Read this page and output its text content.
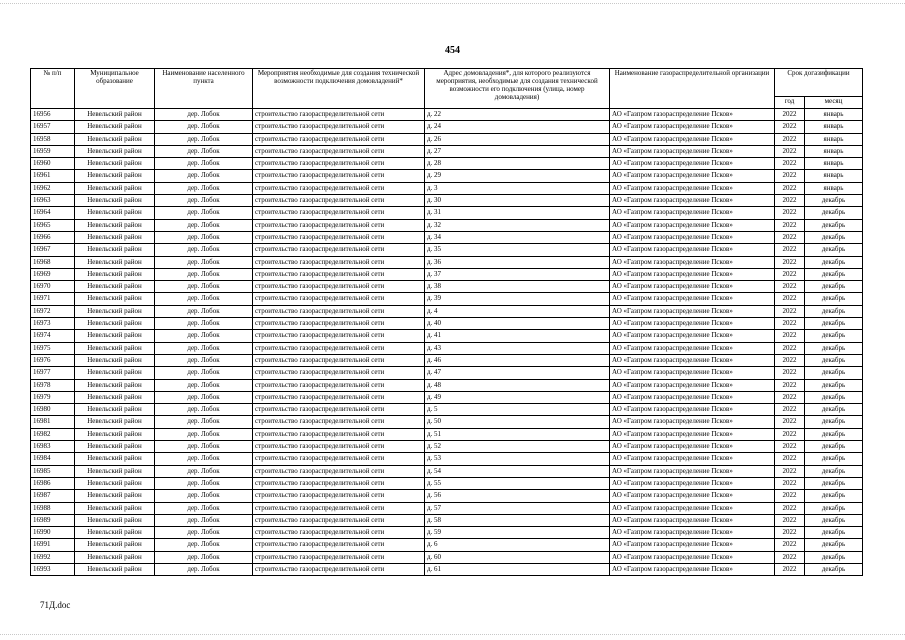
454
№ п/п	Муниципальное образование	Наименование населенного пункта	Мероприятия необходимые для создания технической возможности подключения домовладений*	Адрес домовладения*, для которого реализуются мероприятия, необходимые для создания технической возможности его подключения (улица, номер домовладения)	Наименование газораспределительной организации	Срок догазификации	
						год	месяц
16956	Невельский район	дер. Лобок	строительство газораспределительной сети	д. 22	АО «Газпром газораспределение Псков»	2022	январь
16957	Невельский район	дер. Лобок	строительство газораспределительной сети	д. 24	АО «Газпром газораспределение Псков»	2022	январь
16958	Невельский район	дер. Лобок	строительство газораспределительной сети	д. 26	АО «Газпром газораспределение Псков»	2022	январь
16959	Невельский район	дер. Лобок	строительство газораспределительной сети	д. 27	АО «Газпром газораспределение Псков»	2022	январь
16960	Невельский район	дер. Лобок	строительство газораспределительной сети	д. 28	АО «Газпром газораспределение Псков»	2022	январь
16961	Невельский район	дер. Лобок	строительство газораспределительной сети	д. 29	АО «Газпром газораспределение Псков»	2022	январь
16962	Невельский район	дер. Лобок	строительство газораспределительной сети	д. 3	АО «Газпром газораспределение Псков»	2022	январь
16963	Невельский район	дер. Лобок	строительство газораспределительной сети	д. 30	АО «Газпром газораспределение Псков»	2022	декабрь
16964	Невельский район	дер. Лобок	строительство газораспределительной сети	д. 31	АО «Газпром газораспределение Псков»	2022	декабрь
16965	Невельский район	дер. Лобок	строительство газораспределительной сети	д. 32	АО «Газпром газораспределение Псков»	2022	декабрь
16966	Невельский район	дер. Лобок	строительство газораспределительной сети	д. 34	АО «Газпром газораспределение Псков»	2022	декабрь
16967	Невельский район	дер. Лобок	строительство газораспределительной сети	д. 35	АО «Газпром газораспределение Псков»	2022	декабрь
16968	Невельский район	дер. Лобок	строительство газораспределительной сети	д. 36	АО «Газпром газораспределение Псков»	2022	декабрь
16969	Невельский район	дер. Лобок	строительство газораспределительной сети	д. 37	АО «Газпром газораспределение Псков»	2022	декабрь
16970	Невельский район	дер. Лобок	строительство газораспределительной сети	д. 38	АО «Газпром газораспределение Псков»	2022	декабрь
16971	Невельский район	дер. Лобок	строительство газораспределительной сети	д. 39	АО «Газпром газораспределение Псков»	2022	декабрь
16972	Невельский район	дер. Лобок	строительство газораспределительной сети	д. 4	АО «Газпром газораспределение Псков»	2022	декабрь
16973	Невельский район	дер. Лобок	строительство газораспределительной сети	д. 40	АО «Газпром газораспределение Псков»	2022	декабрь
16974	Невельский район	дер. Лобок	строительство газораспределительной сети	д. 41	АО «Газпром газораспределение Псков»	2022	декабрь
16975	Невельский район	дер. Лобок	строительство газораспределительной сети	д. 43	АО «Газпром газораспределение Псков»	2022	декабрь
16976	Невельский район	дер. Лобок	строительство газораспределительной сети	д. 46	АО «Газпром газораспределение Псков»	2022	декабрь
16977	Невельский район	дер. Лобок	строительство газораспределительной сети	д. 47	АО «Газпром газораспределение Псков»	2022	декабрь
16978	Невельский район	дер. Лобок	строительство газораспределительной сети	д. 48	АО «Газпром газораспределение Псков»	2022	декабрь
16979	Невельский район	дер. Лобок	строительство газораспределительной сети	д. 49	АО «Газпром газораспределение Псков»	2022	декабрь
16980	Невельский район	дер. Лобок	строительство газораспределительной сети	д. 5	АО «Газпром газораспределение Псков»	2022	декабрь
16981	Невельский район	дер. Лобок	строительство газораспределительной сети	д. 50	АО «Газпром газораспределение Псков»	2022	декабрь
16982	Невельский район	дер. Лобок	строительство газораспределительной сети	д. 51	АО «Газпром газораспределение Псков»	2022	декабрь
16983	Невельский район	дер. Лобок	строительство газораспределительной сети	д. 52	АО «Газпром газораспределение Псков»	2022	декабрь
16984	Невельский район	дер. Лобок	строительство газораспределительной сети	д. 53	АО «Газпром газораспределение Псков»	2022	декабрь
16985	Невельский район	дер. Лобок	строительство газораспределительной сети	д. 54	АО «Газпром газораспределение Псков»	2022	декабрь
16986	Невельский район	дер. Лобок	строительство газораспределительной сети	д. 55	АО «Газпром газораспределение Псков»	2022	декабрь
16987	Невельский район	дер. Лобок	строительство газораспределительной сети	д. 56	АО «Газпром газораспределение Псков»	2022	декабрь
16988	Невельский район	дер. Лобок	строительство газораспределительной сети	д. 57	АО «Газпром газораспределение Псков»	2022	декабрь
16989	Невельский район	дер. Лобок	строительство газораспределительной сети	д. 58	АО «Газпром газораспределение Псков»	2022	декабрь
16990	Невельский район	дер. Лобок	строительство газораспределительной сети	д. 59	АО «Газпром газораспределение Псков»	2022	декабрь
16991	Невельский район	дер. Лобок	строительство газораспределительной сети	д. 6	АО «Газпром газораспределение Псков»	2022	декабрь
16992	Невельский район	дер. Лобок	строительство газораспределительной сети	д. 60	АО «Газпром газораспределение Псков»	2022	декабрь
16993	Невельский район	дер. Лобок	строительство газораспределительной сети	д. 61	АО «Газпром газораспределение Псков»	2022	декабрь
71Д.doc
